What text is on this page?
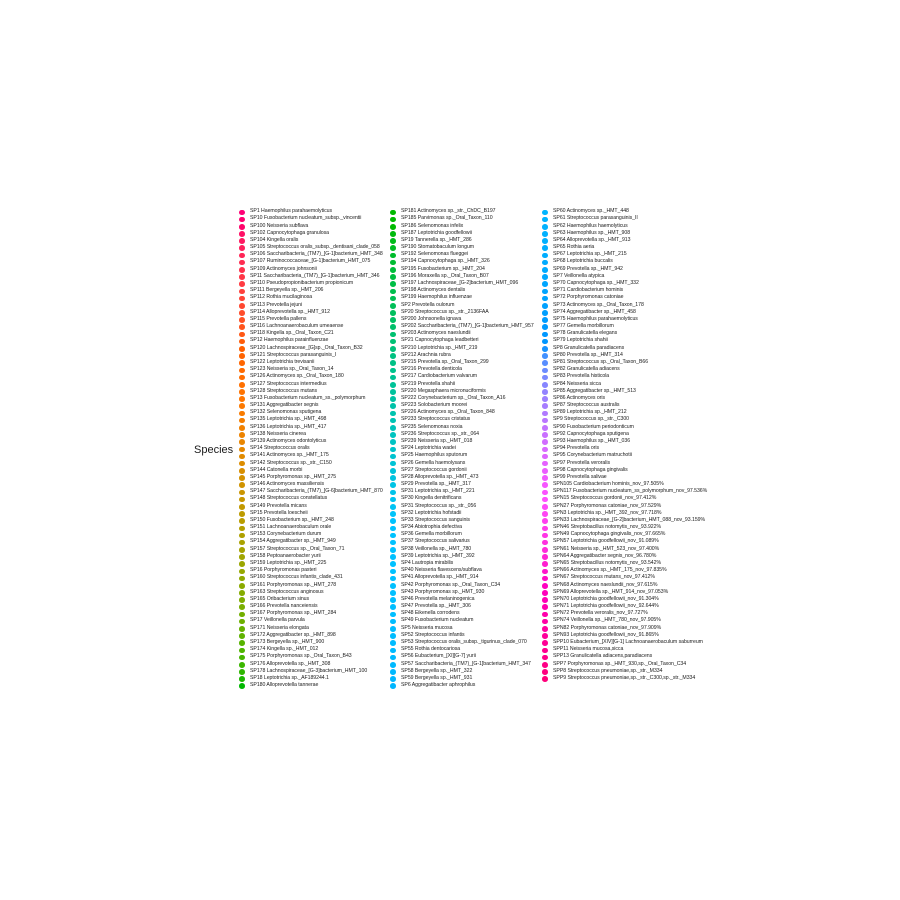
Species
SP1 Haemophilus parahaemolyticus
SP10 Fusobacterium nucleatum_subsp._vincentii
SP100 Neisseria subflava
SP102 Capnocytophaga granulosa
SP104 Kingella oralis
SP105 Streptococcus oralis_subsp._dentisani_clade_058
SP106 Saccharibacteria_(TM7)_[G-1]bacterium_HMT_348
SP107 Ruminococcaceae_[G-1]bacterium_HMT_075
SP109 Actinomyces johnsonii
SP11 Saccharibacteria_(TM7)_[G-1]bacterium_HMT_346
SP110 Pseudopropionibacterium propionicum
SP111 Bergeyella sp._HMT_206
SP112 Rothia mucilaginosa
SP113 Prevotella jejuni
SP114 Alloprevotella sp._HMT_912
SP115 Prevotella pallens
SP116 Lachnoanaerobaculum umeaense
SP118 Kingella sp._Oral_Taxon_C21
SP12 Haemophilus parainfluenzae
SP120 Lachnospiraceae_[G]sp._Oral_Taxon_B32
SP121 Streptococcus parasanguinis_I
SP122 Leptotrichia trevisanii
SP123 Neisseria sp._Oral_Taxon_14
SP126 Actinomyces sp._Oral_Taxon_180
SP127 Streptococcus intermedius
SP128 Streptococcus mutans
SP13 Fusobacterium nucleatum_ss._polymorphum
SP131 Aggregatibacter segnis
SP132 Selenomonas sputigena
SP135 Leptotrichia sp._HMT_498
SP136 Leptotrichia sp._HMT_417
SP138 Neisseria cinerea
SP139 Actinomyces odontolyticus
SP14 Streptococcus oralis
SP141 Actinomyces sp._HMT_175
SP142 Streptococcus sp._str._C150
SP144 Catonella morbi
SP145 Porphyromonas sp._HMT_275
SP146 Actinomyces massiliensis
SP147 Saccharibacteria_(TM7)_[G-6]bacterium_HMT_870
SP148 Streptococcus constellatus
SP149 Prevotella micans
SP15 Prevotella loescheii
SP150 Fusobacterium sp._HMT_248
SP151 Lachnoanaerobaculum orale
SP153 Corynebacterium durum
SP154 Aggregatibacter sp._HMT_949
SP157 Streptococcus sp._Oral_Taxon_71
SP158 Peptoanaerobacter yurii
SP159 Leptotrichia sp._HMT_225
SP16 Porphyromonas pasteri
SP160 Streptococcus infantis_clade_431
SP161 Porphyromonas sp._HMT_278
SP163 Streptococcus anginosus
SP165 Oribacterium sinus
SP166 Prevotella nanceiensis
SP167 Porphyromonas sp._HMT_284
SP17 Veillonella parvula
SP171 Neisseria elongata
SP172 Aggregatibacter sp._HMT_898
SP173 Bergeyella sp._HMT_900
SP174 Kingella sp._HMT_012
SP175 Porphyromonas sp._Oral_Taxon_B43
SP176 Alloprevotella sp._HMT_308
SP178 Lachnospiraceae_[G-3]bacterium_HMT_100
SP18 Leptotrichia sp._AF189244.1
SP180 Alloprevotella tannerae
SP181 Actinomyces sp._str._ChDC_B197
SP185 Parvimonas sp._Oral_Taxon_110
SP186 Selenomonas infelix
SP187 Leptotrichia goodfellowii
SP19 Tannerella sp._HMT_286
SP190 Stomatobaculum longum
SP192 Selenomonas flueggei
SP194 Capnocytophaga sp._HMT_326
SP195 Fusobacterium sp._HMT_204
SP196 Moraxella sp._Oral_Taxon_B07
SP197 Lachnospiraceae_[G-2]bacterium_HMT_096
SP198 Actinomyces dentalis
SP199 Haemophilus influenzae
SP2 Prevotella oulorum
SP20 Streptococcus sp._str._2136FAA
SP200 Johnsonella ignava
SP202 Saccharibacteria_(TM7)_[G-1]bacterium_HMT_957
SP203 Actinomyces naeslundii
SP21 Capnocytophaga leadbetteri
SP210 Leptotrichia sp._HMT_219
SP212 Arachnia rubra
SP215 Prevotella sp._Oral_Taxon_299
SP216 Prevotella denticola
SP217 Cardiobacterium valvarum
SP219 Prevotella shahii
SP220 Megasphaera micronuciformis
SP222 Corynebacterium sp._Oral_Taxon_A16
SP223 Solobacterium moorei
SP226 Actinomyces sp._Oral_Taxon_848
SP233 Streptococcus cristatus
SP235 Selenomonas noxia
SP236 Streptococcus sp._str._064
SP239 Neisseria sp._HMT_018
SP24 Leptotrichia wadei
SP25 Haemophilus sputorum
SP26 Gemella haemolysans
SP27 Streptococcus gordonii
SP28 Alloprevotella sp._HMT_473
SP29 Prevotella sp._HMT_317
SP31 Leptotrichia sp._HMT_221
SP30 Kingella denitrificans
SP31 Streptococcus sp._str._056
SP32 Leptotrichia hofstadii
SP33 Streptococcus sanguinis
SP34 Abiotrophia defectiva
SP36 Gemella morbillorum
SP37 Streptococcus salivarius
SP38 Veillonella sp._HMT_780
SP39 Leptotrichia sp._HMT_392
SP4 Lautropia mirabilis
SP40 Neisseria flavescens/subflava
SP41 Alloprevotella sp._HMT_914
SP42 Porphyromonas sp._Oral_Taxon_C34
SP43 Porphyromonas sp._HMT_930
SP46 Prevotella melaninogenica
SP47 Prevotella sp._HMT_306
SP48 Eikenella corrodens
SP49 Fusobacterium nucleatum
SP5 Neisseria mucosa
SP52 Streptococcus infantis
SP53 Streptococcus oralis_subsp._tigurinus_clade_070
SP55 Rothia dentocariosa
SP56 Eubacterium_[XI][G-7] yurii
SP57 Saccharibacteria_(TM7)_[G-1]bacterium_HMT_347
SP58 Bergeyella sp._HMT_322
SP59 Bergeyella sp._HMT_931
SP6 Aggregatibacter aphrophilus
SP60 Actinomyces sp._HMT_448
SP61 Streptococcus parasanguinis_II
SP62 Haemophilus haemolyticus
SP63 Haemophilus sp._HMT_908
SP64 Alloprevotella sp._HMT_913
SP65 Rothia aeria
SP67 Leptotrichia sp._HMT_215
SP68 Leptotrichia buccalis
SP69 Prevotella sp._HMT_942
SP7 Veillonella atypica
SP70 Capnocytophaga sp._HMT_332
SP71 Cardiobacterium hominis
SP72 Porphyromonas catoniae
SP73 Actinomyces sp._Oral_Taxon_178
SP74 Aggregatibacter sp._HMT_458
SP75 Haemophilus parahaemolyticus
SP77 Gemella morbillorum
SP78 Granulicatella elegans
SP79 Leptotrichia shahii
SP8 Granulicatella paradiacens
SP80 Prevotella sp._HMT_314
SP81 Streptococcus sp._Oral_Taxon_B66
SP82 Granulicatella adiacens
SP83 Prevotella histicola
SP84 Neisseria sicca
SP85 Aggregatibacter sp._HMT_513
SP86 Actinomyces oris
SP87 Streptococcus australis
SP89 Leptotrichia sp._HMT_212
SP9 Streptococcus sp._str._C300
SP90 Fusobacterium periodonticum
SP92 Capnocytophaga sputigena
SP93 Haemophilus sp._HMT_036
SP94 Prevotella oris
SP95 Corynebacterium matruchotii
SP97 Prevotella veroralis
SP98 Capnocytophaga gingivalis
SP99 Prevotella salivae
SPN105 Cardiobacterium hominis_nov_97.505%
SPN117 Fusobacterium nucleatum_ss_polymorphum_nov_97.536%
SPN15 Streptococcus gordonii_nov_97.412%
SPN27 Porphyromonas catoniae_nov_97.529%
SPN3 Leptotrichia sp._HMT_392_nov_97.718%
SPN33 Lachnospiraceae_[G-2]bacterium_HMT_088_nov_93.159%
SPN46 Streptobacillus notomytis_nov_93.922%
SPN49 Capnocytophaga gingivalis_nov_97.665%
SPN57 Leptotrichia goodfellowii_nov_91.089%
SPN61 Neisseria sp._HMT_523_nov_97.400%
SPN64 Aggregatibacter segnis_nov_96.780%
SPN65 Streptobacillus notomytis_nov_93.542%
SPN66 Actinomyces sp._HMT_175_nov_97.835%
SPN67 Streptococcus mutans_nov_97.412%
SPN68 Actinomyces naeslundii_nov_97.615%
SPN69 Alloprevotella sp._HMT_914_nov_97.053%
SPN70 Leptotrichia goodfellowii_nov_91.304%
SPN71 Leptotrichia goodfellowii_nov_92.644%
SPN72 Prevotella veroralis_nov_97.727%
SPN74 Veillonella sp._HMT_780_nov_97.905%
SPN82 Porphyromonas catoniae_nov_97.909%
SPN93 Leptotrichia goodfellowii_nov_91.865%
SPP10 Eubacterium_[XIV][G-1] Lachnoanaerobaculum saburreum
SPP11 Neisseria mucosa,sicca
SPP13 Granulicatella adiacens,paradiacens
SPP7 Porphyromonas sp._HMT_930,sp._Oral_Taxon_C34
SPP8 Streptococcus pneumoniae,sp._str._M334
SPP9 Streptococcus pneumoniae,sp._str._C300,sp._str._M334
